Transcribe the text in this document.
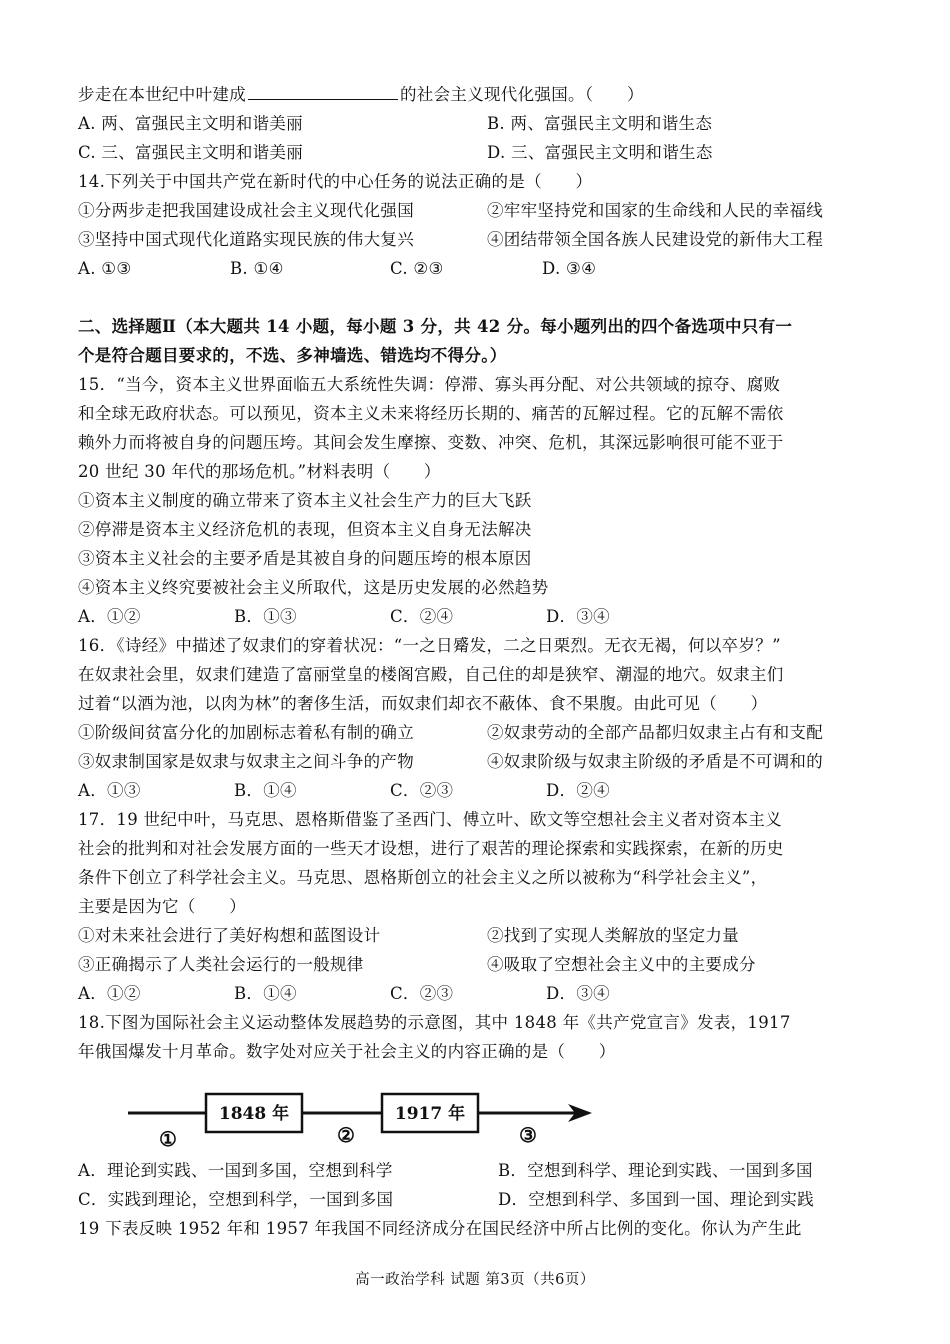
步走在本世纪中叶建成	的社会主义现代化强国。（　　）
A. 两、富强民主文明和谐美丽	B. 两、富强民主文明和谐生态
C. 三、富强民主文明和谐美丽	D. 三、富强民主文明和谐生态
14.下列关于中国共产党在新时代的中心任务的说法正确的是（　　）
①分两步走把我国建设成社会主义现代化强国	②牢牢坚持党和国家的生命线和人民的幸福线
③坚持中国式现代化道路实现民族的伟大复兴	④团结带领全国各族人民建设党的新伟大工程
A. ①③	B. ①④	C. ②③	D. ③④
二、选择题Ⅱ（本大题共 14 小题，每小题 3 分，共 42 分。每小题列出的四个备选项中只有一
个是符合题目要求的，不选、多神墙选、错选均不得分。）
15．“当今，资本主义世界面临五大系统性失调：停滞、寡头再分配、对公共领域的掠夺、腐败
和全球无政府状态。可以预见，资本主义未来将经历长期的、痛苦的瓦解过程。它的瓦解不需依
赖外力而将被自身的问题压垮。其间会发生摩擦、变数、冲突、危机，其深远影响很可能不亚于
20 世纪 30 年代的那场危机。”材料表明（　　）
①资本主义制度的确立带来了资本主义社会生产力的巨大飞跃
②停滞是资本主义经济危机的表现，但资本主义自身无法解决
③资本主义社会的主要矛盾是其被自身的问题压垮的根本原因
④资本主义终究要被社会主义所取代，这是历史发展的必然趋势
A．①②	B．①③	C．②④	D．③④
16．《诗经》中描述了奴隶们的穿着状况：“一之日觱发，二之日栗烈。无衣无褐，何以卒岁？”
在奴隶社会里，奴隶们建造了富丽堂皇的楼阁宫殿，自己住的却是狭窄、潮湿的地穴。奴隶主们
过着“以酒为池，以肉为林”的奢侈生活，而奴隶们却衣不蔽体、食不果腹。由此可见（　　）
①阶级间贫富分化的加剧标志着私有制的确立	②奴隶劳动的全部产品都归奴隶主占有和支配
③奴隶制国家是奴隶与奴隶主之间斗争的产物	④奴隶阶级与奴隶主阶级的矛盾是不可调和的
A．①③	B．①④	C．②③	D．②④
17．19 世纪中叶，马克思、恩格斯借鉴了圣西门、傅立叶、欧文等空想社会主义者对资本主义
社会的批判和对社会发展方面的一些天才设想，进行了艰苦的理论探索和实践探索，在新的历史
条件下创立了科学社会主义。马克思、恩格斯创立的社会主义之所以被称为“科学社会主义”，
主要是因为它（　　）
①对未来社会进行了美好构想和蓝图设计	②找到了实现人类解放的坚定力量
③正确揭示了人类社会运行的一般规律	④吸取了空想社会主义中的主要成分
A．①②	B．①④	C．②③	D．③④
18.下图为国际社会主义运动整体发展趋势的示意图，其中 1848 年《共产党宣言》发表，1917
年俄国爆发十月革命。数字处对应关于社会主义的内容正确的是（　　）
1848 年	1917 年
①	②	③
A．理论到实践、一国到多国，空想到科学	B．空想到科学、理论到实践、一国到多国
C．实践到理论，空想到科学，一国到多国	D．空想到科学、多国到一国、理论到实践
19 下表反映 1952 年和 1957 年我国不同经济成分在国民经济中所占比例的变化。你认为产生此
高一政治学科 试题 第3页（共6页）
